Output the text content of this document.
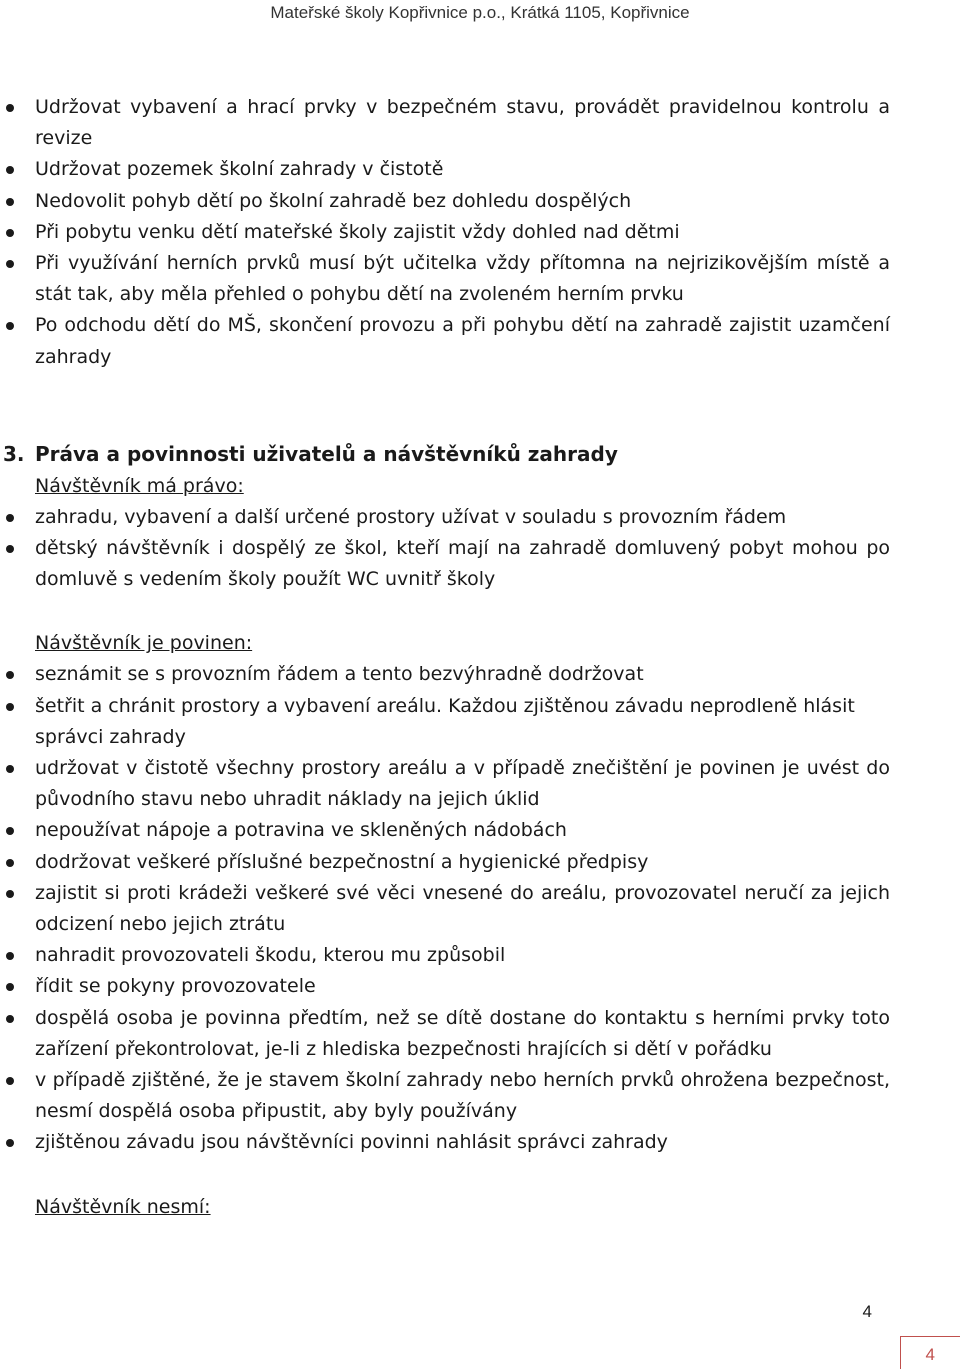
Mateřské školy Kopřivnice p.o., Krátká 1105, Kopřivnice
Udržovat vybavení a hrací prvky v bezpečném stavu, provádět pravidelnou kontrolu a revize
Udržovat pozemek školní zahrady v čistotě
Nedovolit pohyb dětí po školní zahradě bez dohledu dospělých
Při pobytu venku dětí mateřské školy zajistit vždy dohled nad dětmi
Při využívání herních prvků musí být učitelka vždy přítomna na nejrizikovějším místě a stát tak, aby měla přehled o pohybu dětí na zvoleném herním prvku
Po odchodu dětí do MŠ, skončení provozu a při pohybu dětí na zahradě zajistit uzamčení zahrady
3. Práva a povinnosti uživatelů a návštěvníků zahrady
Návštěvník má právo:
zahradu, vybavení a další určené prostory užívat v souladu s provozním řádem
dětský návštěvník i dospělý ze škol, kteří mají na zahradě domluvený pobyt mohou po domluvě s vedením školy použít WC uvnitř školy
Návštěvník je povinen:
seznámit se s provozním řádem a tento bezvýhradně dodržovat
šetřit a chránit prostory a vybavení areálu. Každou zjištěnou závadu neprodleně hlásit správci zahrady
udržovat v čistotě všechny prostory areálu a v případě znečištění je povinen je uvést do původního stavu nebo uhradit náklady na jejich úklid
nepoužívat nápoje a potravina ve skleněných nádobách
dodržovat veškeré příslušné bezpečnostní a hygienické předpisy
zajistit si proti krádeži veškeré své věci vnesené do areálu, provozovatel neručí za jejich odcizení nebo jejich ztrátu
nahradit provozovateli škodu, kterou mu způsobil
řídit se pokyny provozovatele
dospělá osoba je povinna předtím, než se dítě dostane do kontaktu s herními prvky toto zařízení překontrolovat, je-li z hlediska bezpečnosti hrajících si dětí v pořádku
v případě zjištěné, že je stavem školní zahrady nebo herních prvků ohrožena bezpečnost, nesmí dospělá osoba připustit, aby byly používány
zjištěnou závadu jsou návštěvníci povinni nahlásit správci zahrady
Návštěvník nesmí:
4
4
